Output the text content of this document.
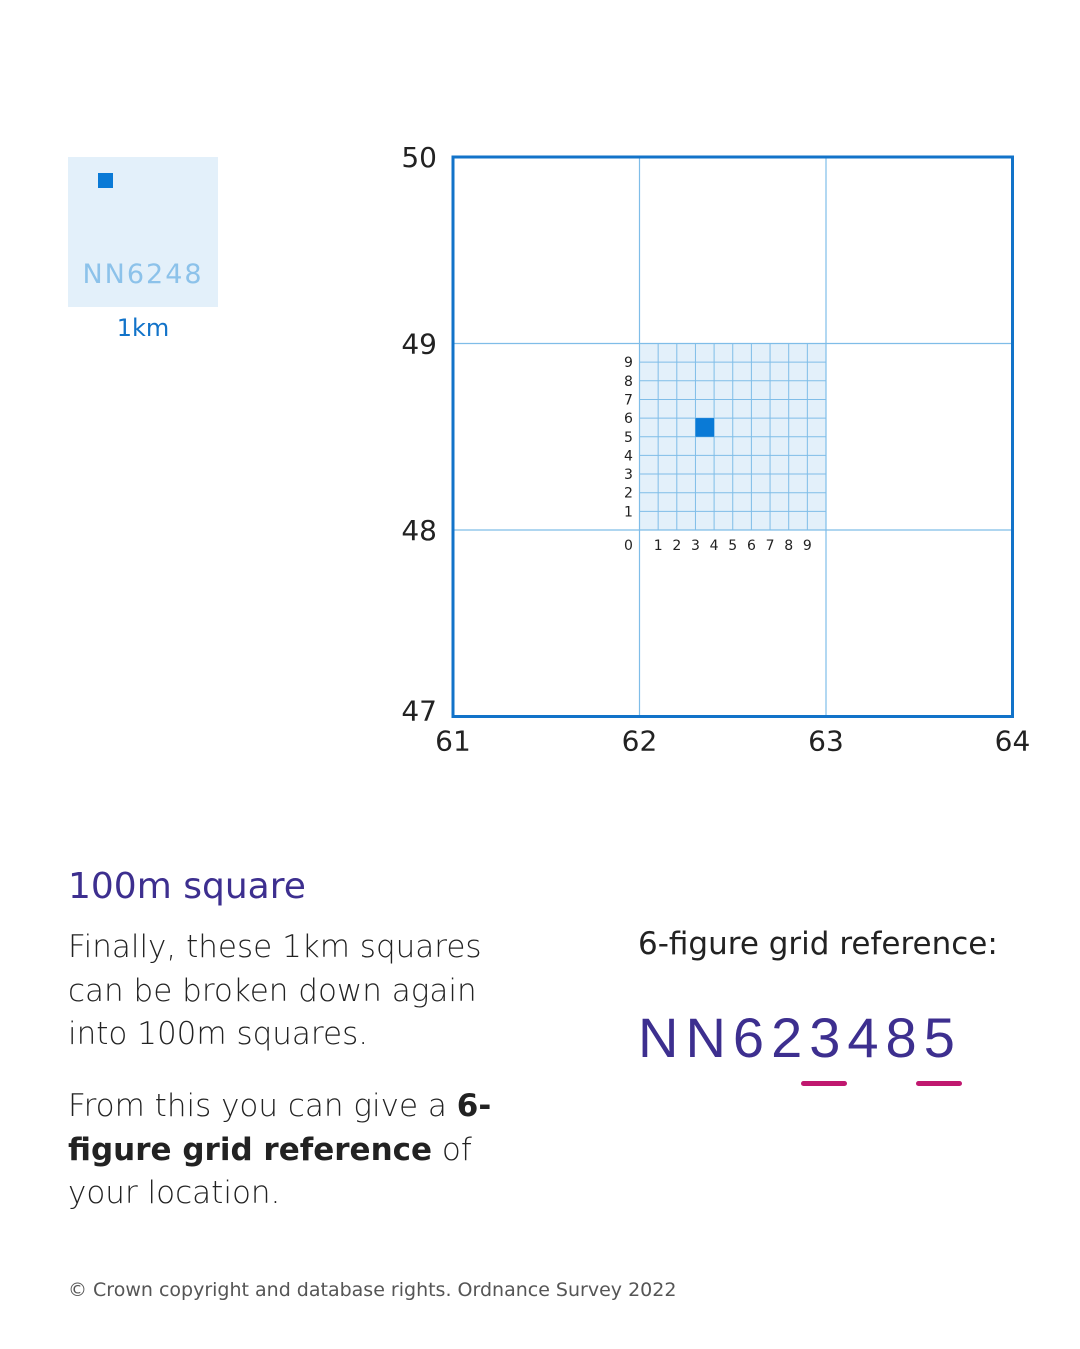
NN6248
1km
61	62	63	64
50
49
48
47
0 1 2 3 4 5 6 7 8 9
9
8
7
6
5
4
3
2
1
100m square
Finally, these 1km squares can be broken down again into 100m squares.
From this you can give a 6-figure grid reference of your location.
6-figure grid reference:
NN623485
© Crown copyright and database rights. Ordnance Survey 2022
